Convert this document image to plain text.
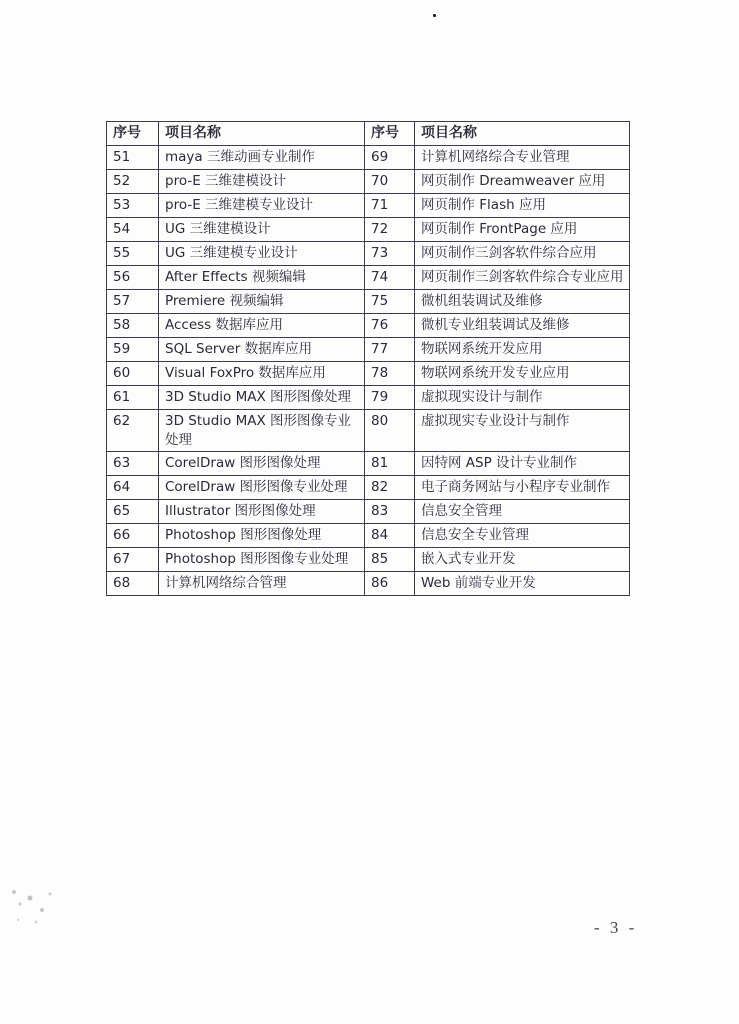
序号	项目名称	序号	项目名称
51	maya 三维动画专业制作	69	计算机网络综合专业管理
52	pro-E 三维建模设计	70	网页制作 Dreamweaver 应用
53	pro-E 三维建模专业设计	71	网页制作 Flash 应用
54	UG 三维建模设计	72	网页制作 FrontPage 应用
55	UG 三维建模专业设计	73	网页制作三剑客软件综合应用
56	After Effects 视频编辑	74	网页制作三剑客软件综合专业应用
57	Premiere 视频编辑	75	微机组装调试及维修
58	Access 数据库应用	76	微机专业组装调试及维修
59	SQL Server 数据库应用	77	物联网系统开发应用
60	Visual FoxPro 数据库应用	78	物联网系统开发专业应用
61	3D Studio MAX 图形图像处理	79	虚拟现实设计与制作
62	3D Studio MAX 图形图像专业处理	80	虚拟现实专业设计与制作
63	CorelDraw 图形图像处理	81	因特网 ASP 设计专业制作
64	CorelDraw 图形图像专业处理	82	电子商务网站与小程序专业制作
65	Illustrator 图形图像处理	83	信息安全管理
66	Photoshop 图形图像处理	84	信息安全专业管理
67	Photoshop 图形图像专业处理	85	嵌入式专业开发
68	计算机网络综合管理	86	Web 前端专业开发
- 3 -
